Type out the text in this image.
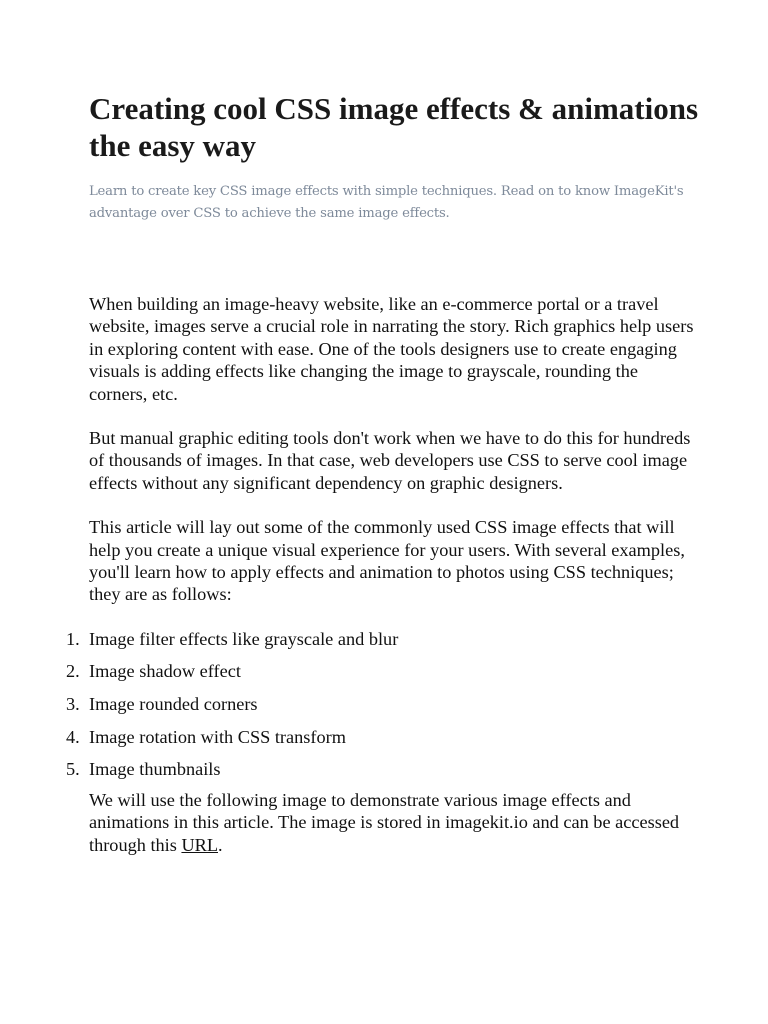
Creating cool CSS image effects & animations the easy way

Learn to create key CSS image effects with simple techniques. Read on to know ImageKit's advantage over CSS to achieve the same image effects.

When building an image-heavy website, like an e-commerce portal or a travel website, images serve a crucial role in narrating the story. Rich graphics help users in exploring content with ease. One of the tools designers use to create engaging visuals is adding effects like changing the image to grayscale, rounding the corners, etc.

But manual graphic editing tools don't work when we have to do this for hundreds of thousands of images. In that case, web developers use CSS to serve cool image effects without any significant dependency on graphic designers.

This article will lay out some of the commonly used CSS image effects that will help you create a unique visual experience for your users. With several examples, you'll learn how to apply effects and animation to photos using CSS techniques; they are as follows:

1. Image filter effects like grayscale and blur
2. Image shadow effect
3. Image rounded corners
4. Image rotation with CSS transform
5. Image thumbnails

We will use the following image to demonstrate various image effects and animations in this article. The image is stored in imagekit.io and can be accessed through this URL.
